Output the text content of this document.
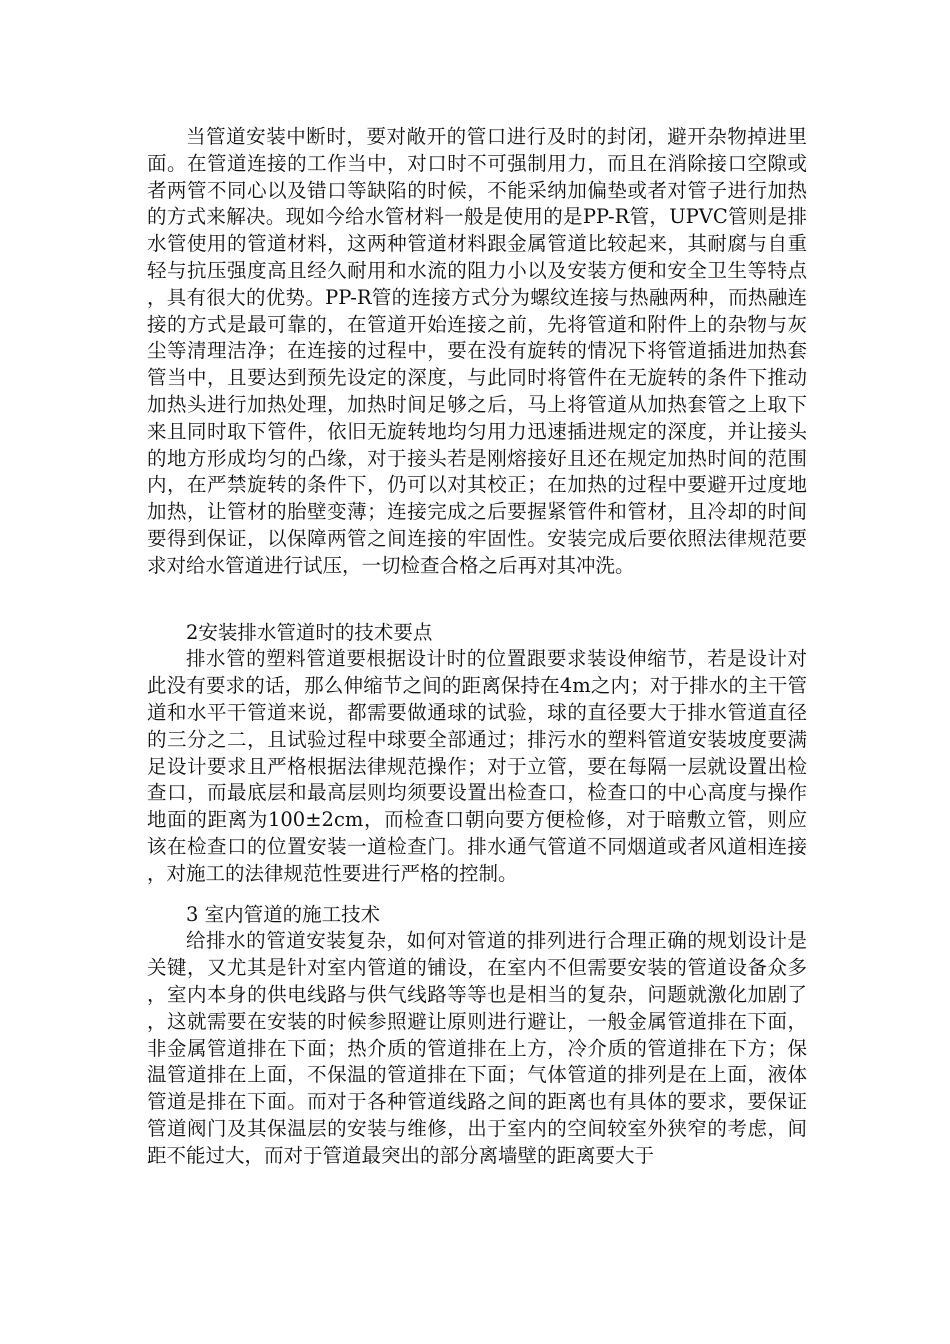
当管道安装中断时，要对敞开的管口进行及时的封闭，避开杂物掉进里面。在管道连接的工作当中，对口时不可强制用力，而且在消除接口空隙或者两管不同心以及错口等缺陷的时候，不能采纳加偏垫或者对管子进行加热的方式来解决。现如今给水管材料一般是使用的是PP-R管，UPVC管则是排水管使用的管道材料，这两种管道材料跟金属管道比较起来，其耐腐与自重轻与抗压强度高且经久耐用和水流的阻力小以及安装方便和安全卫生等特点，具有很大的优势。PP-R管的连接方式分为螺纹连接与热融两种，而热融连接的方式是最可靠的，在管道开始连接之前，先将管道和附件上的杂物与灰尘等清理洁净；在连接的过程中，要在没有旋转的情况下将管道插进加热套管当中，且要达到预先设定的深度，与此同时将管件在无旋转的条件下推动加热头进行加热处理，加热时间足够之后，马上将管道从加热套管之上取下来且同时取下管件，依旧无旋转地均匀用力迅速插进规定的深度，并让接头的地方形成均匀的凸缘，对于接头若是刚熔接好且还在规定加热时间的范围内，在严禁旋转的条件下，仍可以对其校正；在加热的过程中要避开过度地加热，让管材的胎壁变薄；连接完成之后要握紧管件和管材，且冷却的时间要得到保证，以保障两管之间连接的牢固性。安装完成后要依照法律规范要求对给水管道进行试压，一切检查合格之后再对其冲洗。

2安装排水管道时的技术要点

排水管的塑料管道要根据设计时的位置跟要求装设伸缩节，若是设计对此没有要求的话，那么伸缩节之间的距离保持在4m之内；对于排水的主干管道和水平干管道来说，都需要做通球的试验，球的直径要大于排水管道直径的三分之二，且试验过程中球要全部通过；排污水的塑料管道安装坡度要满足设计要求且严格根据法律规范操作；对于立管，要在每隔一层就设置出检查口，而最底层和最高层则均须要设置出检查口，检查口的中心高度与操作地面的距离为100±2cm，而检查口朝向要方便检修，对于暗敷立管，则应该在检查口的位置安装一道检查门。排水通气管道不同烟道或者风道相连接，对施工的法律规范性要进行严格的控制。

3 室内管道的施工技术

给排水的管道安装复杂，如何对管道的排列进行合理正确的规划设计是关键，又尤其是针对室内管道的铺设，在室内不但需要安装的管道设备众多，室内本身的供电线路与供气线路等等也是相当的复杂，问题就激化加剧了，这就需要在安装的时候参照避让原则进行避让，一般金属管道排在下面，非金属管道排在下面；热介质的管道排在上方，冷介质的管道排在下方；保温管道排在上面，不保温的管道排在下面；气体管道的排列是在上面，液体管道是排在下面。而对于各种管道线路之间的距离也有具体的要求，要保证管道阀门及其保温层的安装与维修，出于室内的空间较室外狭窄的考虑，间距不能过大，而对于管道最突出的部分离墙壁的距离要大于
